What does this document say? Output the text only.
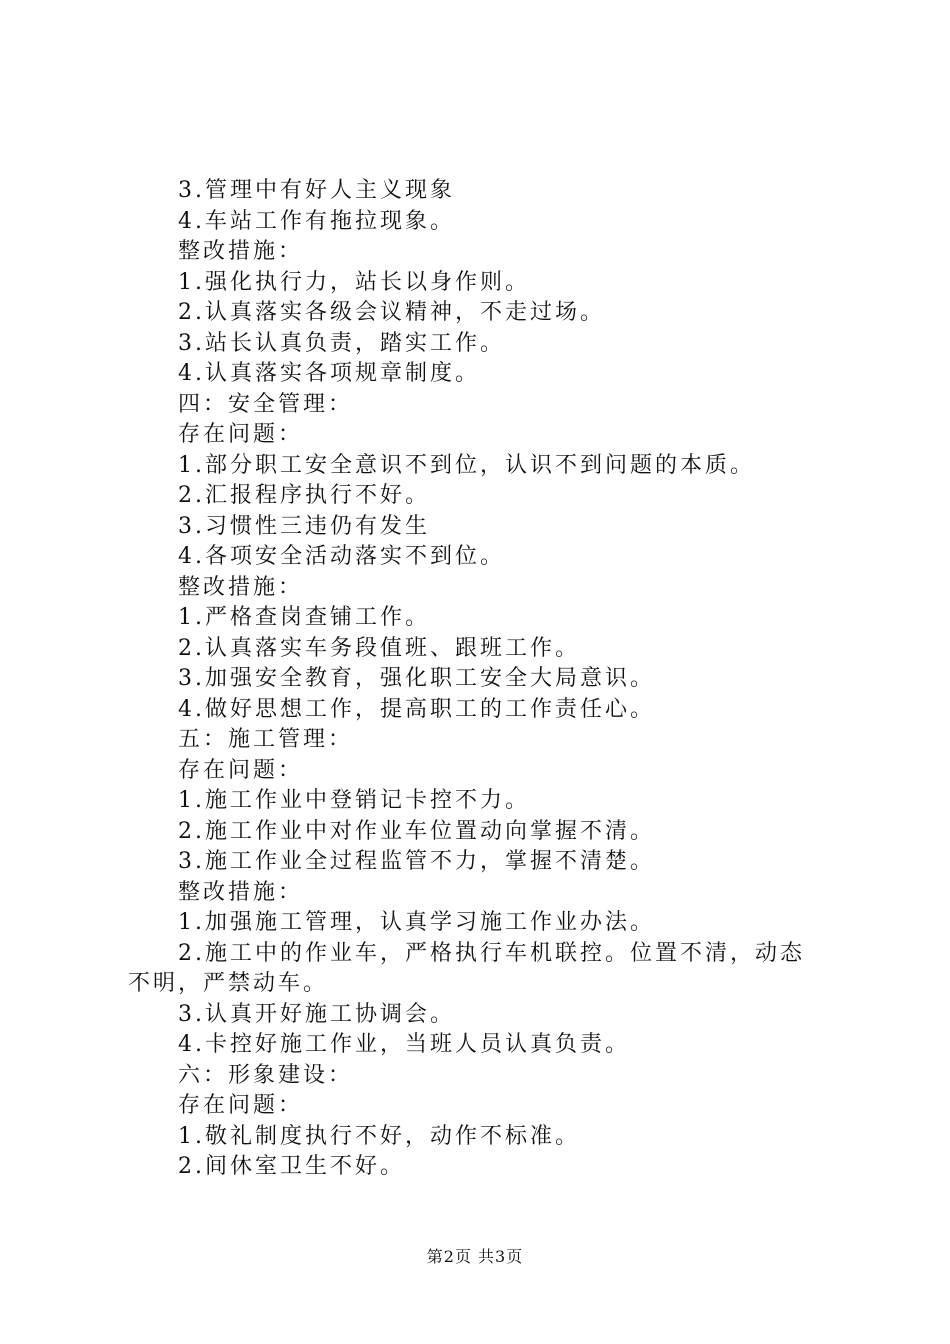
3.管理中有好人主义现象
4.车站工作有拖拉现象。
整改措施：
1.强化执行力，站长以身作则。
2.认真落实各级会议精神，不走过场。
3.站长认真负责，踏实工作。
4.认真落实各项规章制度。
四：安全管理：
存在问题：
1.部分职工安全意识不到位，认识不到问题的本质。
2.汇报程序执行不好。
3.习惯性三违仍有发生
4.各项安全活动落实不到位。
整改措施：
1.严格查岗查铺工作。
2.认真落实车务段值班、跟班工作。
3.加强安全教育，强化职工安全大局意识。
4.做好思想工作，提高职工的工作责任心。
五：施工管理：
存在问题：
1.施工作业中登销记卡控不力。
2.施工作业中对作业车位置动向掌握不清。
3.施工作业全过程监管不力，掌握不清楚。
整改措施：
1.加强施工管理，认真学习施工作业办法。
2.施工中的作业车，严格执行车机联控。位置不清，动态
不明，严禁动车。
3.认真开好施工协调会。
4.卡控好施工作业，当班人员认真负责。
六：形象建设：
存在问题：
1.敬礼制度执行不好，动作不标准。
2.间休室卫生不好。
第2页 共3页
